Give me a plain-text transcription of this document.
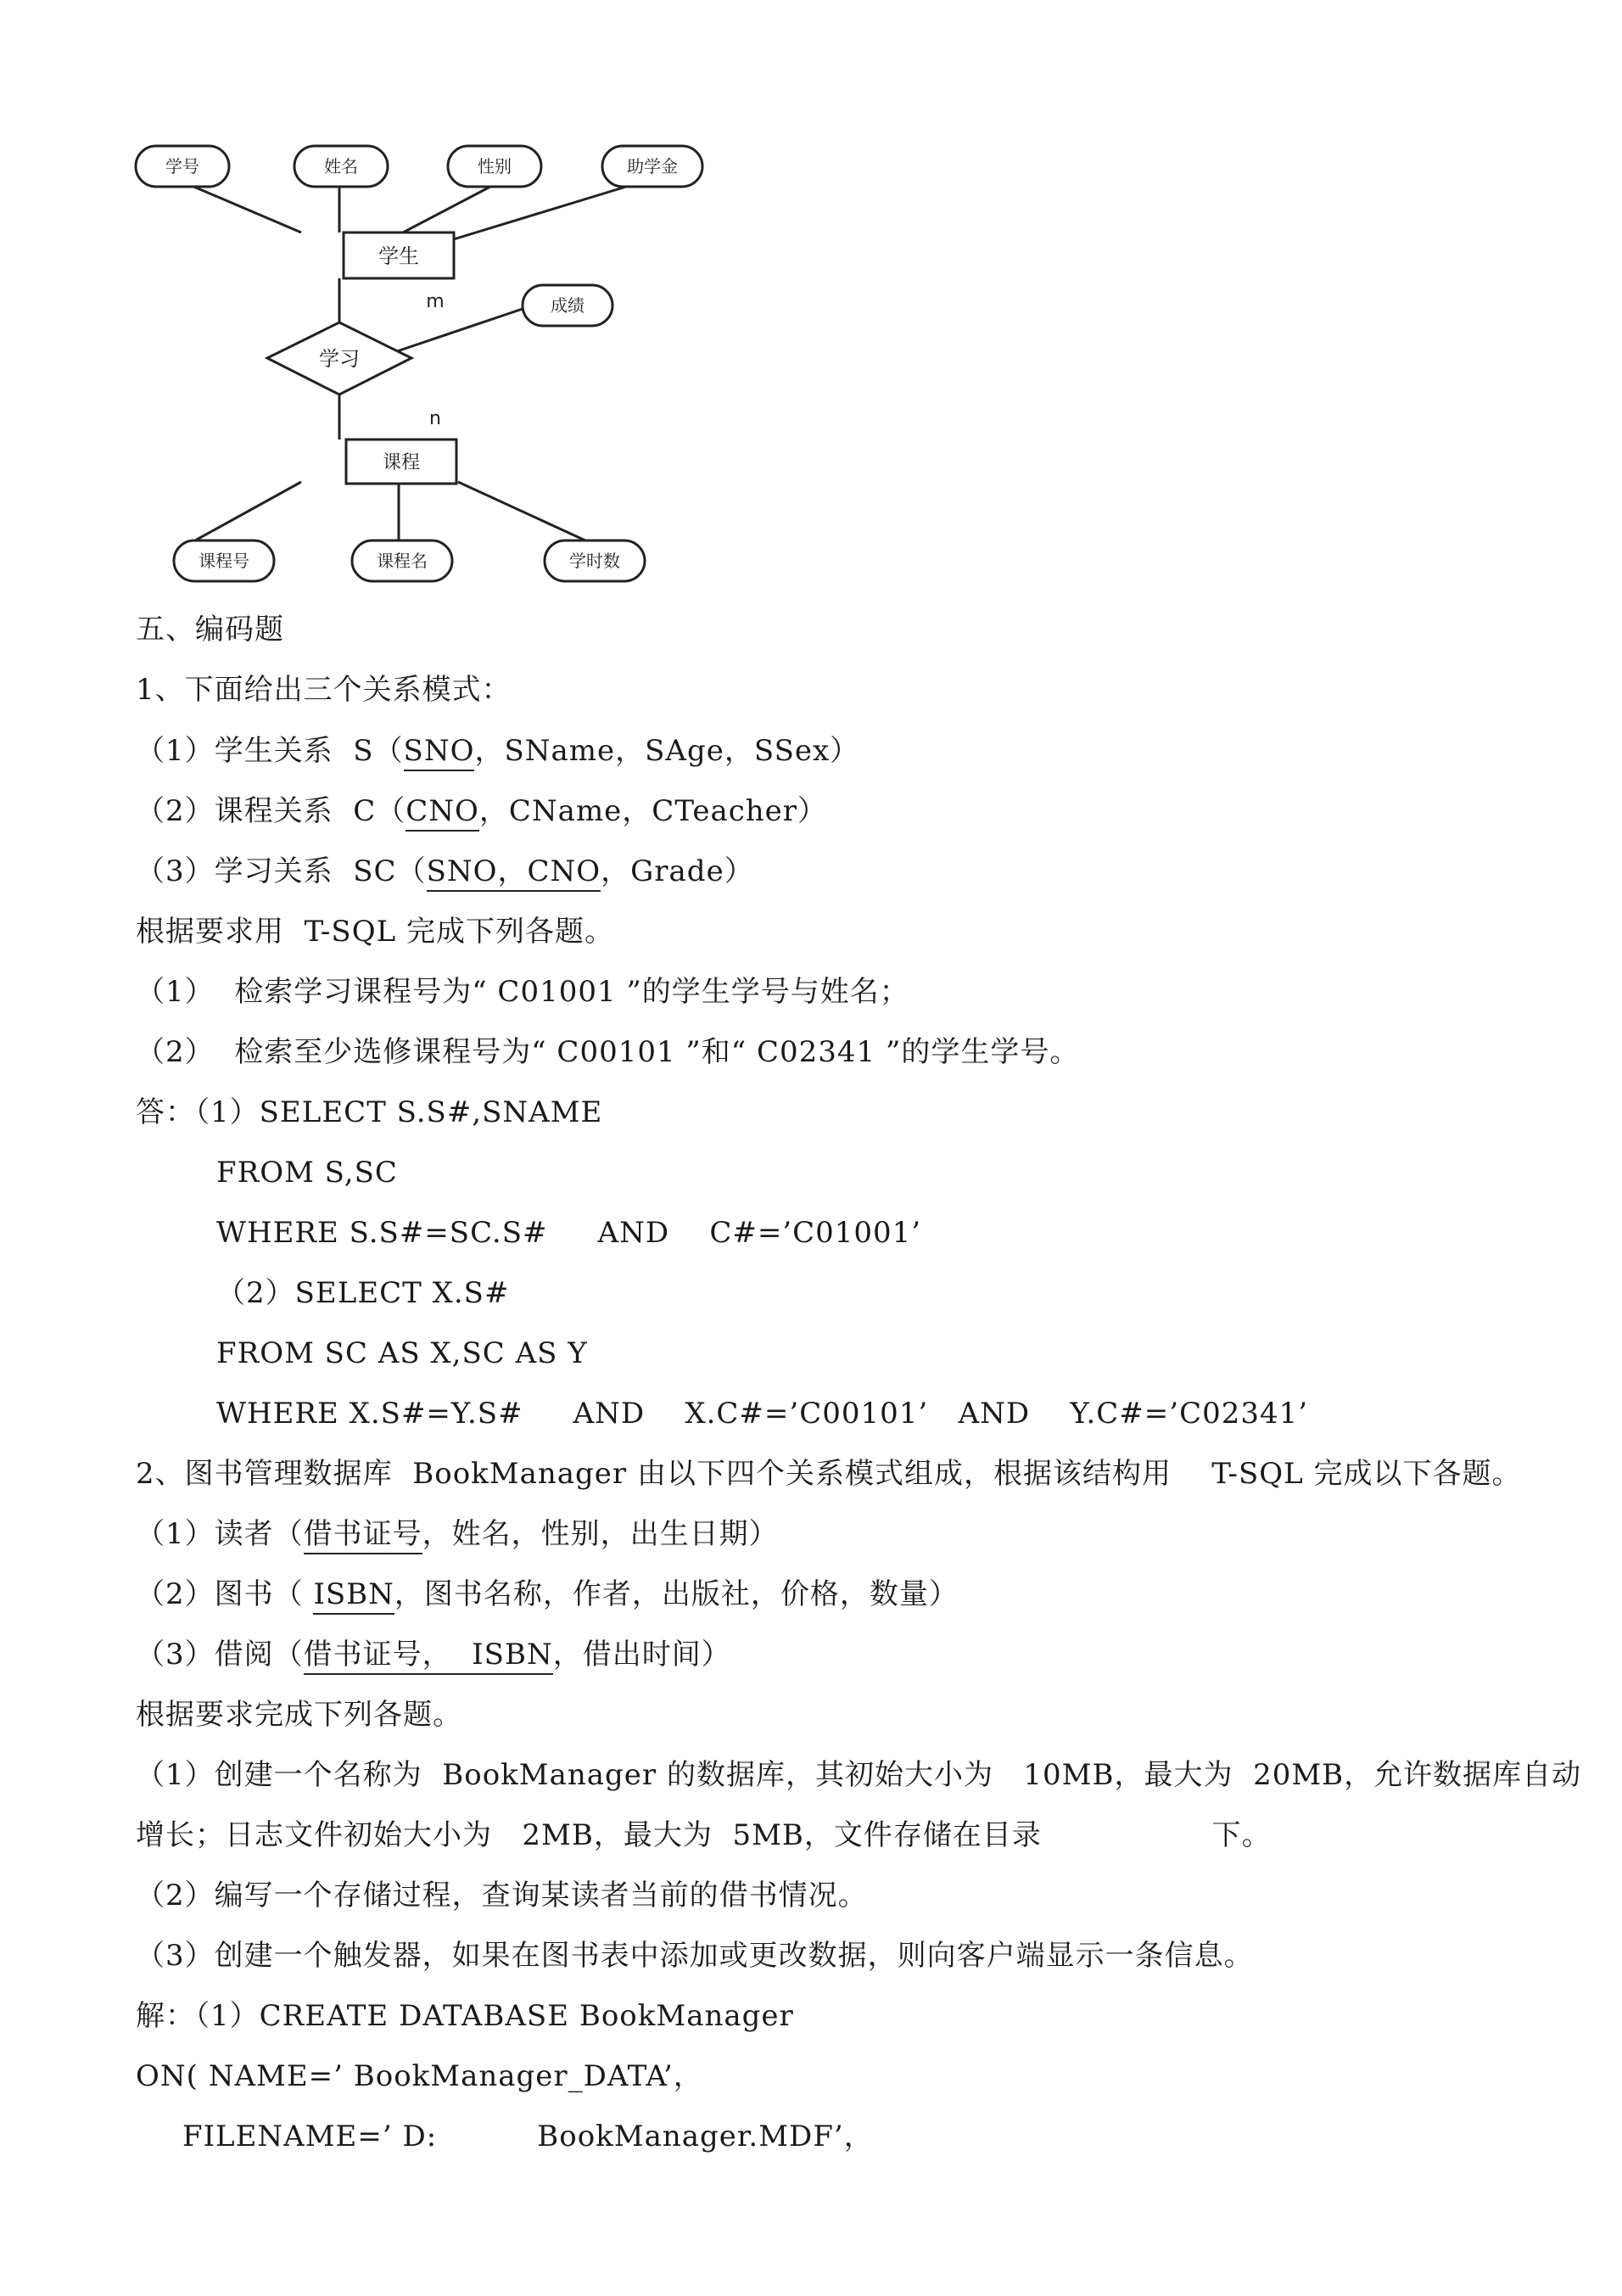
学号	姓名	性别	助学金
学生
学习
成绩
课程
课程号	课程名	学时数
m
n
五、编码题
1、下面给出三个关系模式：
（1）学生关系  S（SNO，SName，SAge，SSex）
（2）课程关系  C（CNO，CName，CTeacher）
（3）学习关系  SC（SNO，CNO，Grade）
根据要求用  T-SQL 完成下列各题。
（1）  检索学习课程号为“ C01001 ”的学生学号与姓名；
（2）  检索至少选修课程号为“ C00101 ”和“ C02341 ”的学生学号。
答：（1）SELECT S.S#,SNAME
FROM S,SC
WHERE S.S#=SC.S#     AND    C#=’C01001’
（2）SELECT X.S#
FROM SC AS X,SC AS Y
WHERE X.S#=Y.S#     AND    X.C#=’C00101’   AND    Y.C#=’C02341’
2、图书管理数据库  BookManager 由以下四个关系模式组成，根据该结构用    T-SQL 完成以下各题。
（1）读者（借书证号，姓名，性别，出生日期）
（2）图书（ ISBN，图书名称，作者，出版社，价格，数量）
（3）借阅（借书证号，  ISBN，借出时间）
根据要求完成下列各题。
（1）创建一个名称为  BookManager 的数据库，其初始大小为   10MB，最大为  20MB，允许数据库自动
增长；日志文件初始大小为   2MB，最大为  5MB，文件存储在目录                 下。
（2）编写一个存储过程，查询某读者当前的借书情况。
（3）创建一个触发器，如果在图书表中添加或更改数据，则向客户端显示一条信息。
解：（1）CREATE DATABASE BookManager
ON( NAME=’ BookManager_DATA’，
FILENAME=’ D:          BookManager.MDF’，
